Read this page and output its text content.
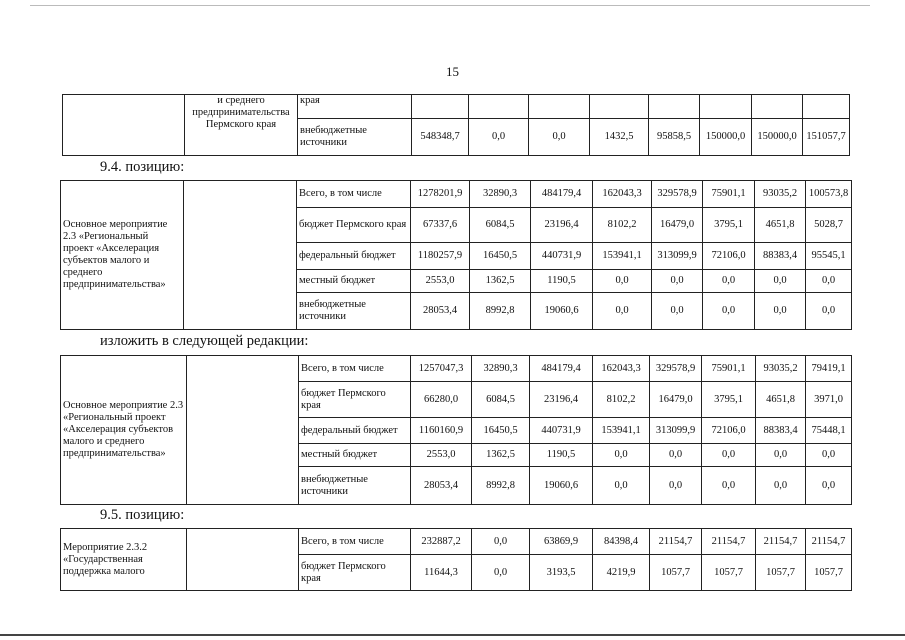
15
	и среднего предпринимательства Пермского края	края								
		внебюджетные источники	548348,7	0,0	0,0	1432,5	95858,5	150000,0	150000,0	151057,7
9.4. позицию:
Основное мероприятие 2.3 «Региональный проект «Акселерация субъектов малого и среднего предпринимательства»		Всего, в том числе	1278201,9	32890,3	484179,4	162043,3	329578,9	75901,1	93035,2	100573,8
		бюджет Пермского края	67337,6	6084,5	23196,4	8102,2	16479,0	3795,1	4651,8	5028,7
		федеральный бюджет	1180257,9	16450,5	440731,9	153941,1	313099,9	72106,0	88383,4	95545,1
		местный бюджет	2553,0	1362,5	1190,5	0,0	0,0	0,0	0,0	0,0
		внебюджетные источники	28053,4	8992,8	19060,6	0,0	0,0	0,0	0,0	0,0
изложить в следующей редакции:
Основное мероприятие 2.3 «Региональный проект «Акселерация субъектов малого и среднего предпринимательства»		Всего, в том числе	1257047,3	32890,3	484179,4	162043,3	329578,9	75901,1	93035,2	79419,1
		бюджет Пермского края	66280,0	6084,5	23196,4	8102,2	16479,0	3795,1	4651,8	3971,0
		федеральный бюджет	1160160,9	16450,5	440731,9	153941,1	313099,9	72106,0	88383,4	75448,1
		местный бюджет	2553,0	1362,5	1190,5	0,0	0,0	0,0	0,0	0,0
		внебюджетные источники	28053,4	8992,8	19060,6	0,0	0,0	0,0	0,0	0,0
9.5. позицию:
Мероприятие 2.3.2 «Государственная поддержка малого		Всего, в том числе	232887,2	0,0	63869,9	84398,4	21154,7	21154,7	21154,7	21154,7
		бюджет Пермского края	11644,3	0,0	3193,5	4219,9	1057,7	1057,7	1057,7	1057,7
